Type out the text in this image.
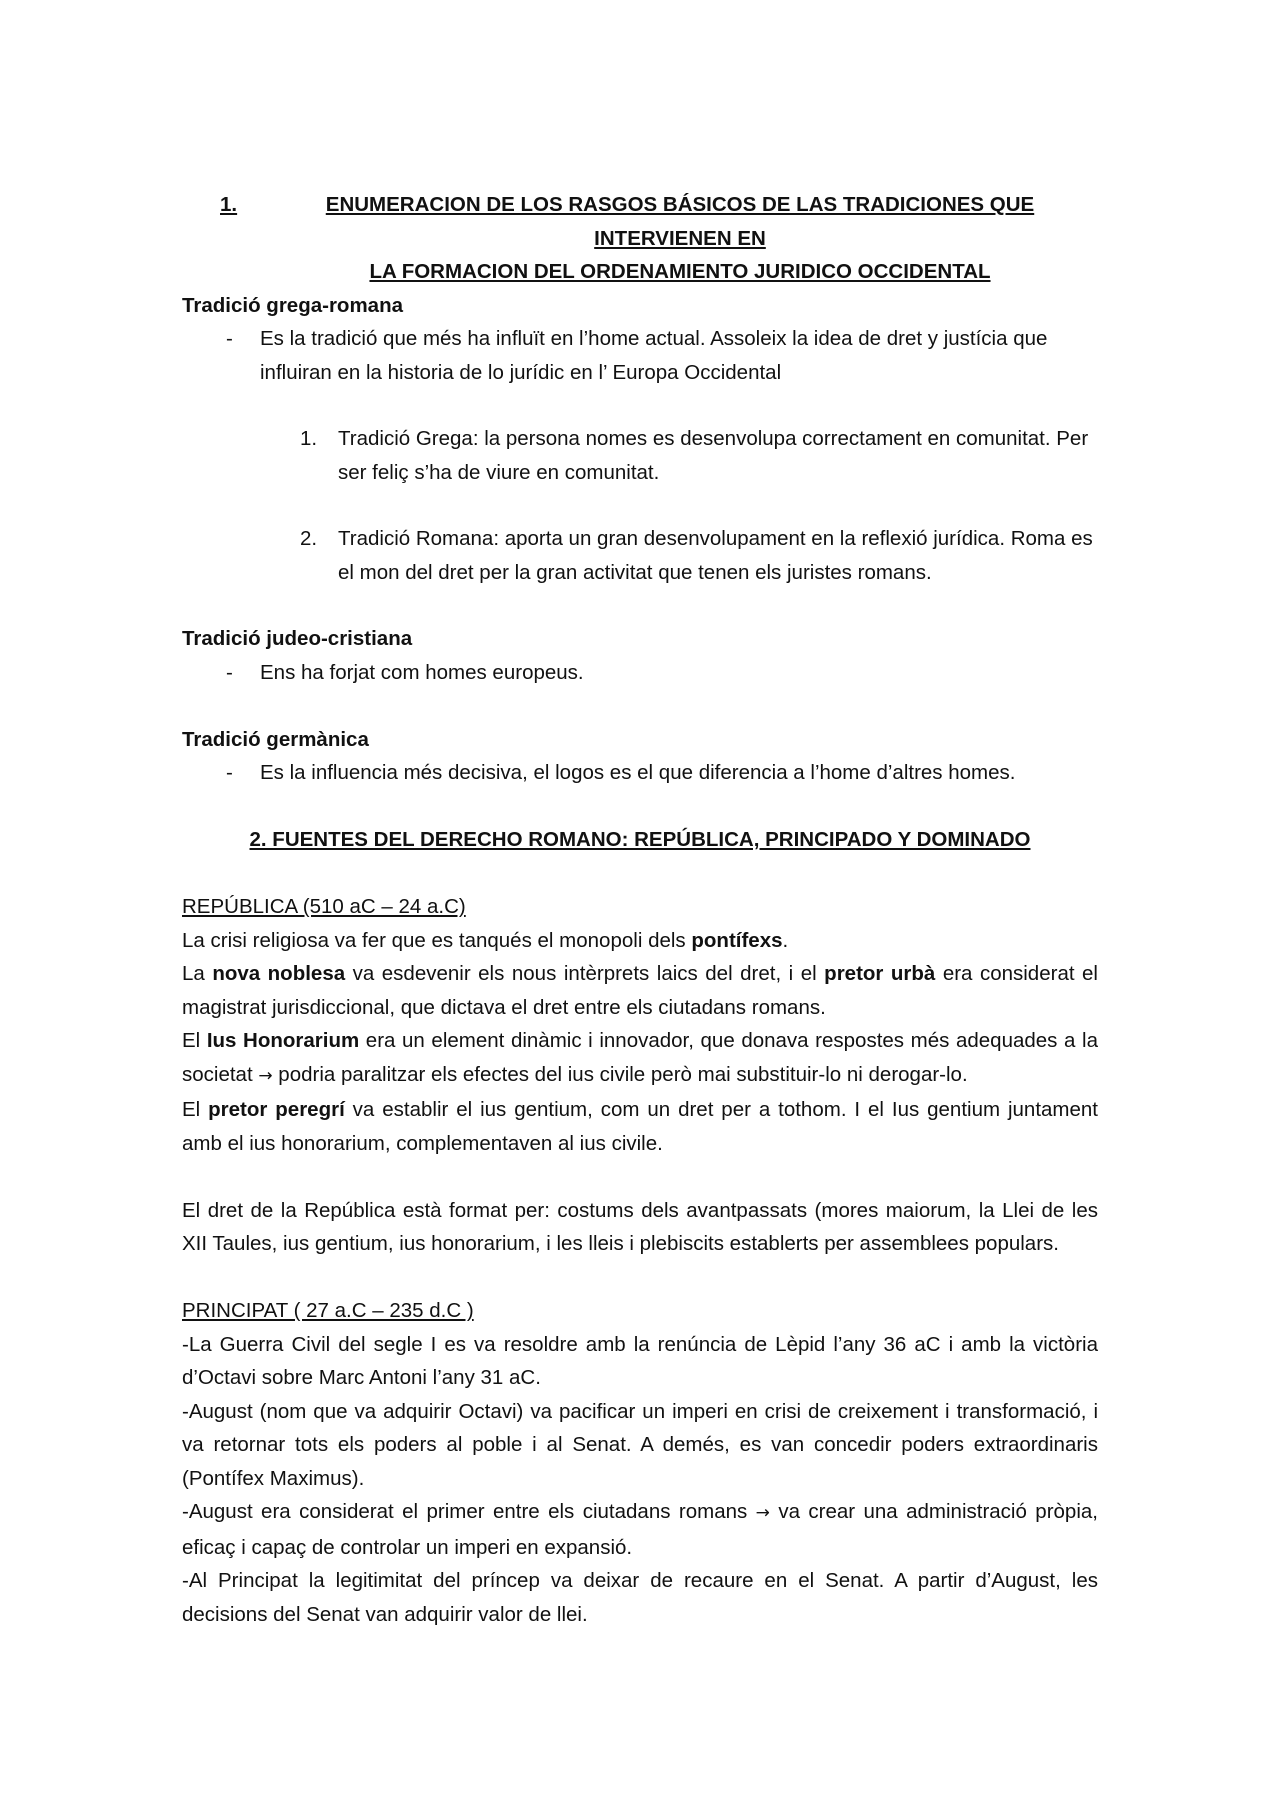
1.	ENUMERACION DE LOS RASGOS BÁSICOS DE LAS TRADICIONES QUE INTERVIENEN EN
LA FORMACION DEL ORDENAMIENTO JURIDICO OCCIDENTAL
Tradició grega-romana
-	Es la tradició que més ha influït en l’home actual. Assoleix la idea de dret y justícia que influiran en la historia de lo jurídic en l’ Europa Occidental
1.	Tradició Grega: la persona nomes es desenvolupa correctament en comunitat. Per ser feliç s’ha de viure en comunitat.
2.	Tradició Romana: aporta un gran desenvolupament en la reflexió jurídica. Roma es el mon del dret per la gran activitat que tenen els juristes romans.
Tradició judeo-cristiana
-	Ens ha forjat com homes europeus.
Tradició germànica
-	Es la influencia més decisiva, el logos es el que diferencia a l’home d’altres homes.
2. FUENTES DEL DERECHO ROMANO: REPÚBLICA, PRINCIPADO Y DOMINADO
REPÚBLICA (510 aC – 24 a.C)
La crisi religiosa va fer que es tanqués el monopoli dels pontífexs.
La nova noblesa va esdevenir els nous intèrprets laics del dret, i el pretor urbà era considerat el magistrat jurisdiccional, que dictava el dret entre els ciutadans romans.
El Ius Honorarium era un element dinàmic i innovador, que donava respostes més adequades a la societat → podria paralitzar els efectes del ius civile però mai substituir-lo ni derogar-lo.
El pretor peregrí va establir el ius gentium, com un dret per a tothom. I el Ius gentium juntament amb el ius honorarium, complementaven al ius civile.
El dret de la República està format per: costums dels avantpassats (mores maiorum, la Llei de les XII Taules, ius gentium, ius honorarium, i les lleis i plebiscits establerts per assemblees populars.
PRINCIPAT ( 27 a.C – 235 d.C )
-La Guerra Civil del segle I es va resoldre amb la renúncia de Lèpid l’any 36 aC i amb la victòria d’Octavi sobre Marc Antoni l’any 31 aC.
-August (nom que va adquirir Octavi) va pacificar un imperi en crisi de creixement i transformació, i va retornar tots els poders al poble i al Senat. A demés, es van concedir poders extraordinaris (Pontífex Maximus).
-August era considerat el primer entre els ciutadans romans → va crear una administració pròpia, eficaç i capaç de controlar un imperi en expansió.
-Al Principat la legitimitat del príncep va deixar de recaure en el Senat. A partir d’August, les decisions del Senat van adquirir valor de llei.
